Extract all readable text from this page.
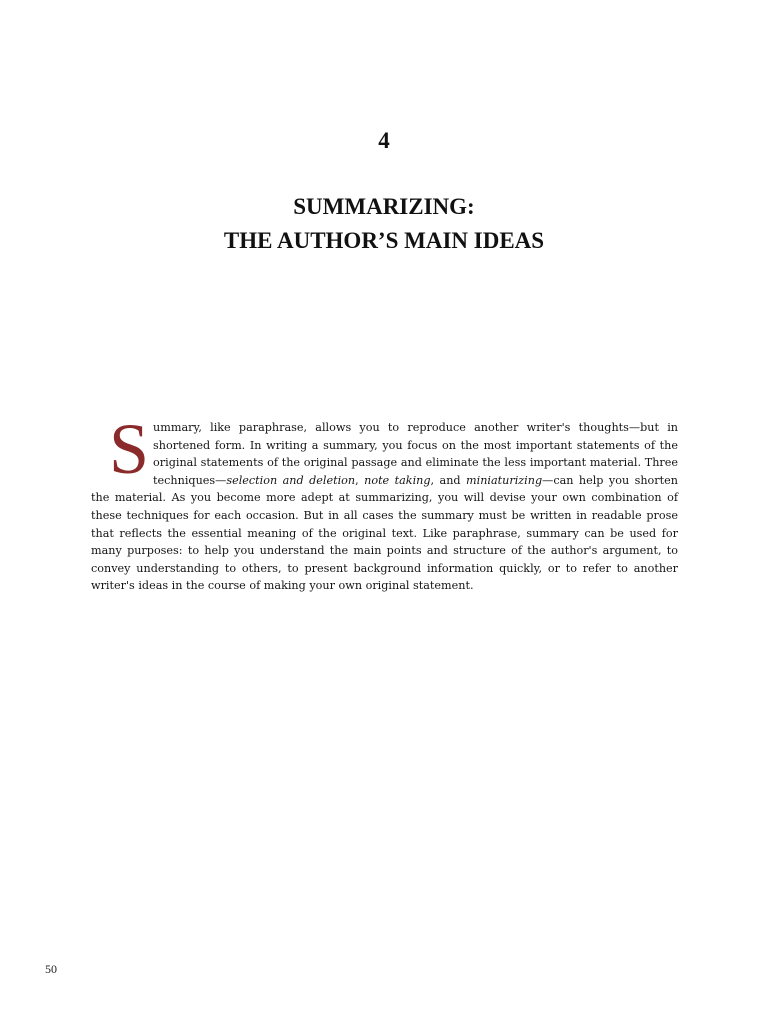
4
SUMMARIZING:
THE AUTHOR’S MAIN IDEAS

Summary, like paraphrase, allows you to reproduce another writer's thoughts—but in shortened form. In writing a summary, you focus on the most important statements of the original statements of the original passage and eliminate the less important material. Three techniques—selection and deletion, note taking, and miniaturizing—can help you shorten the material. As you become more adept at summarizing, you will devise your own combination of these techniques for each occasion. But in all cases the summary must be written in readable prose that reflects the essential meaning of the original text. Like paraphrase, summary can be used for many purposes: to help you understand the main points and structure of the author's argument, to convey understanding to others, to present background information quickly, or to refer to another writer's ideas in the course of making your own original statement.

50
